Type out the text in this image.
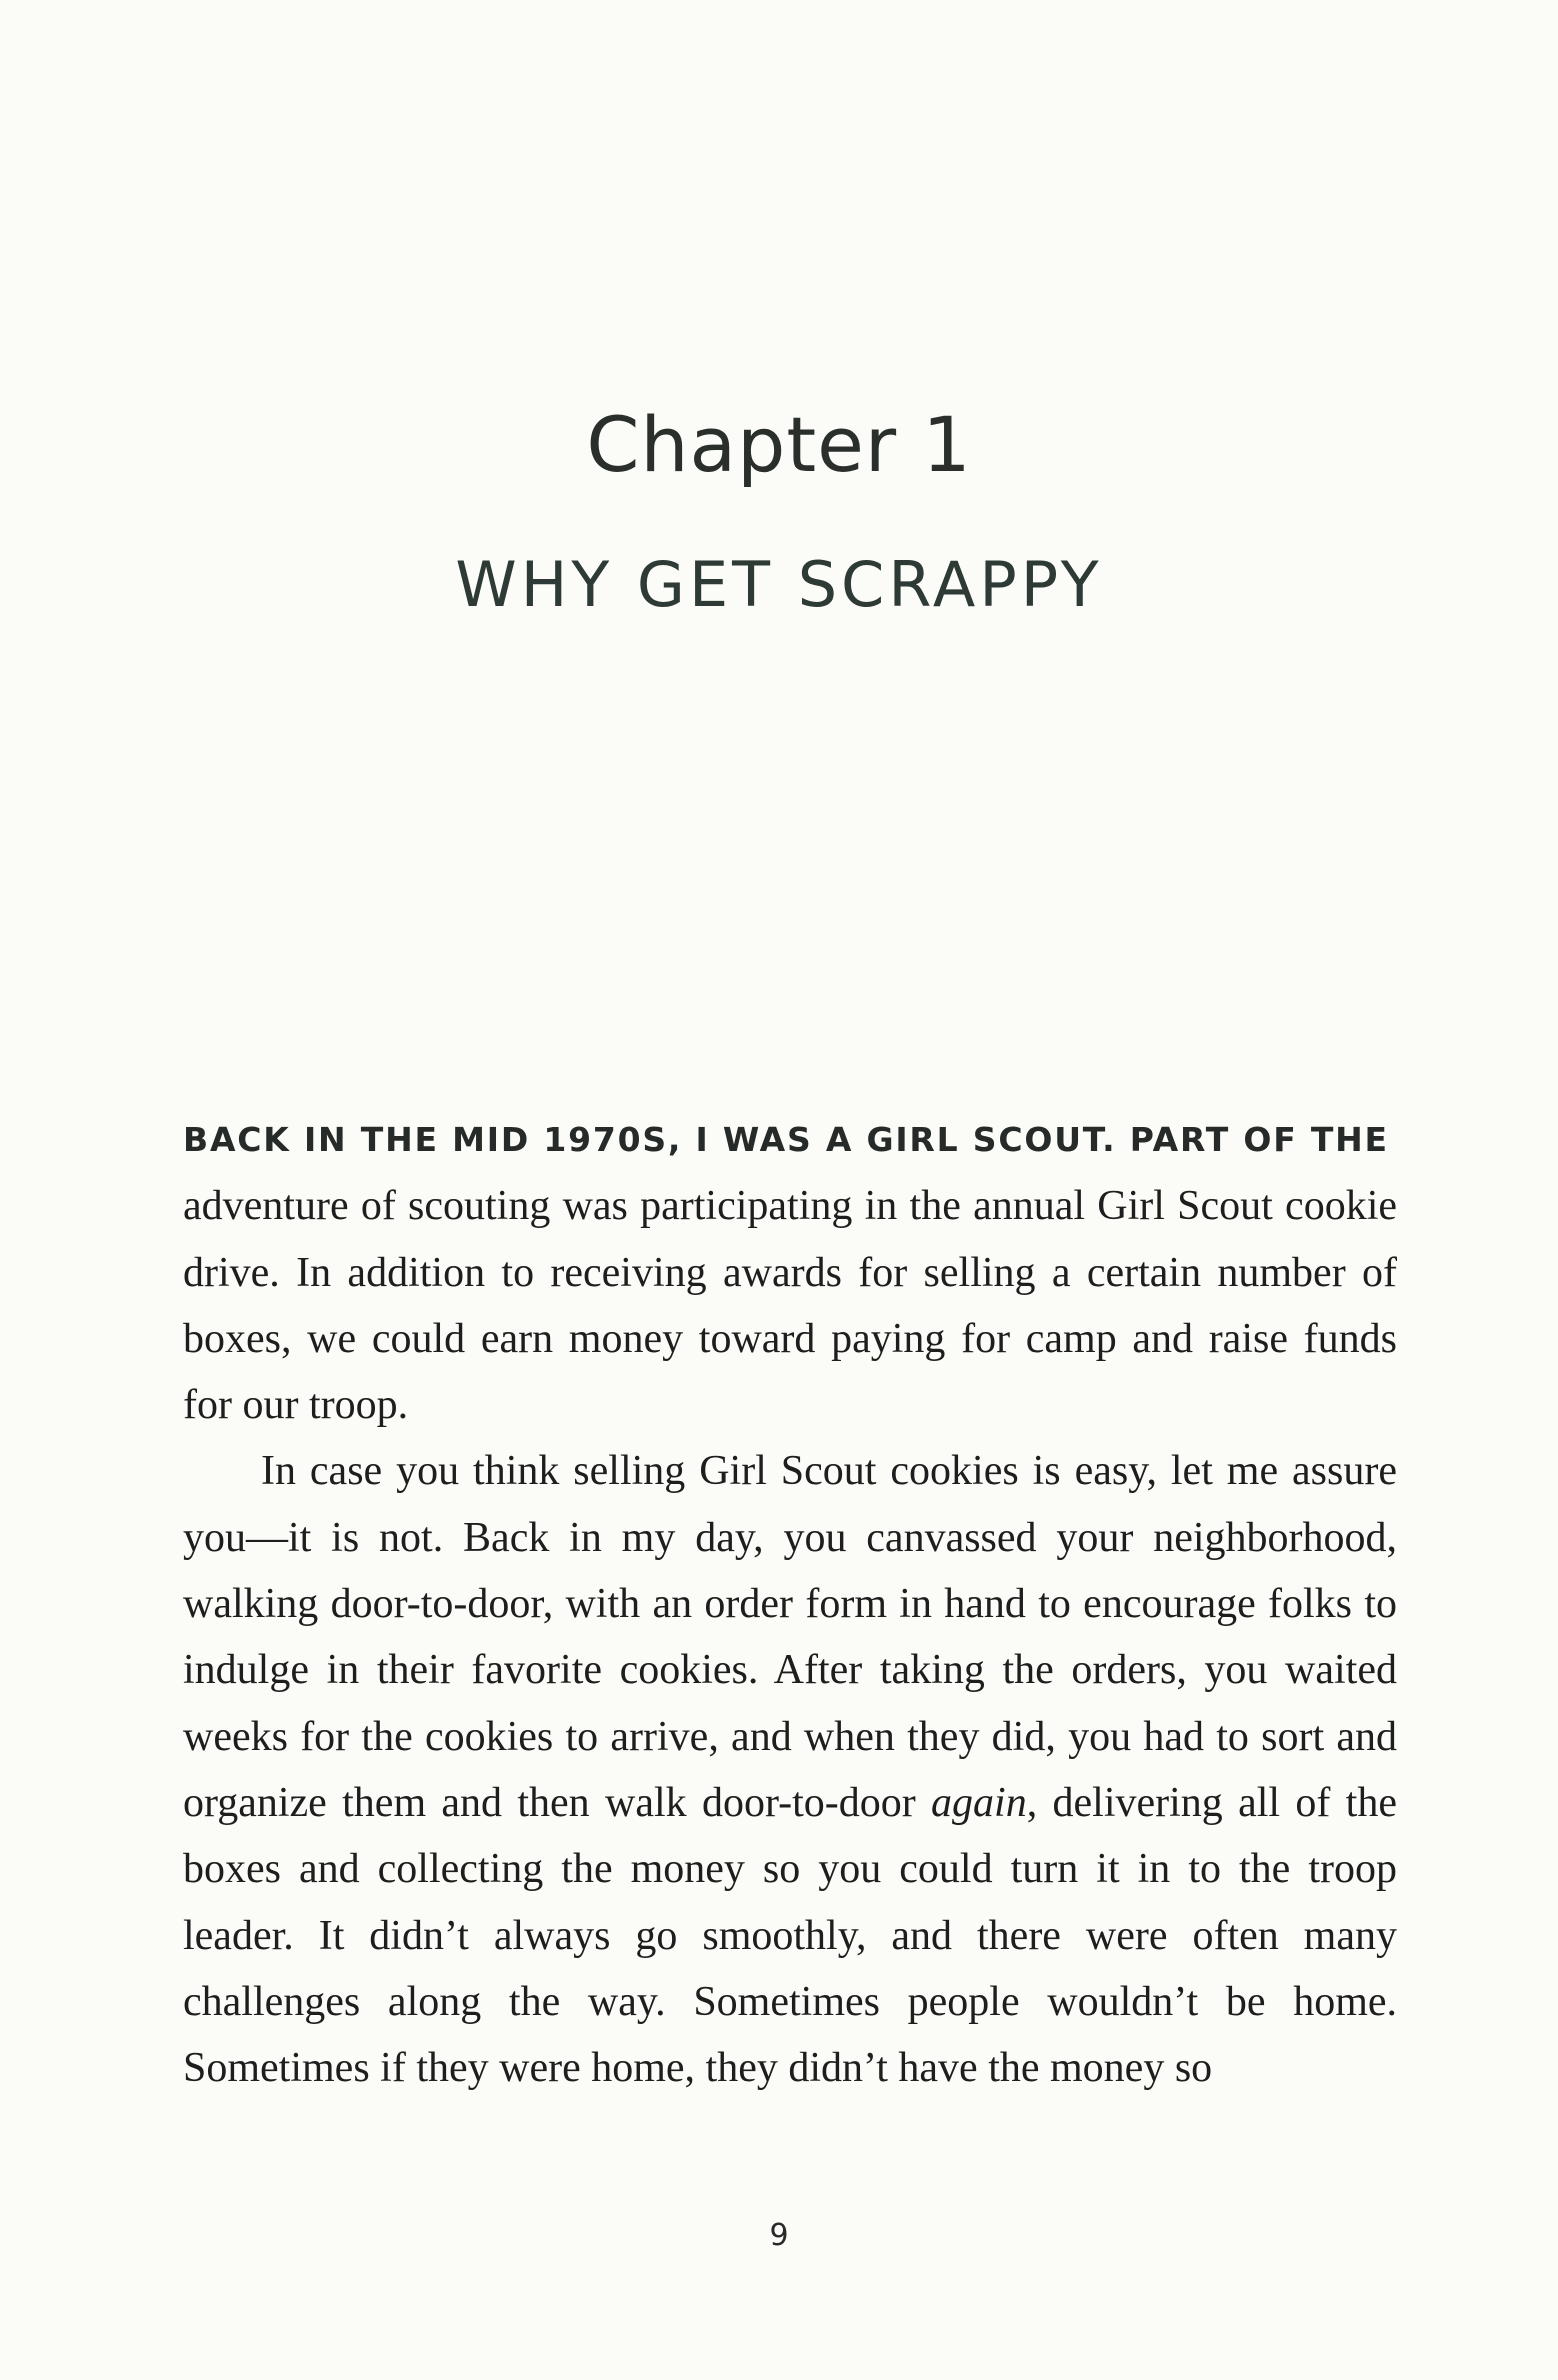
Chapter 1
WHY GET SCRAPPY

BACK IN THE MID 1970S, I WAS A GIRL SCOUT. PART OF THE
adventure of scouting was participating in the annual Girl Scout cookie drive. In addition to receiving awards for selling a certain number of boxes, we could earn money toward paying for camp and raise funds for our troop.

In case you think selling Girl Scout cookies is easy, let me assure you—it is not. Back in my day, you canvassed your neighborhood, walking door-to-door, with an order form in hand to encourage folks to indulge in their favorite cookies. After taking the orders, you waited weeks for the cookies to arrive, and when they did, you had to sort and organize them and then walk door-to-door again, delivering all of the boxes and collecting the money so you could turn it in to the troop leader. It didn’t always go smoothly, and there were often many challenges along the way. Sometimes people wouldn’t be home. Sometimes if they were home, they didn’t have the money so

9
